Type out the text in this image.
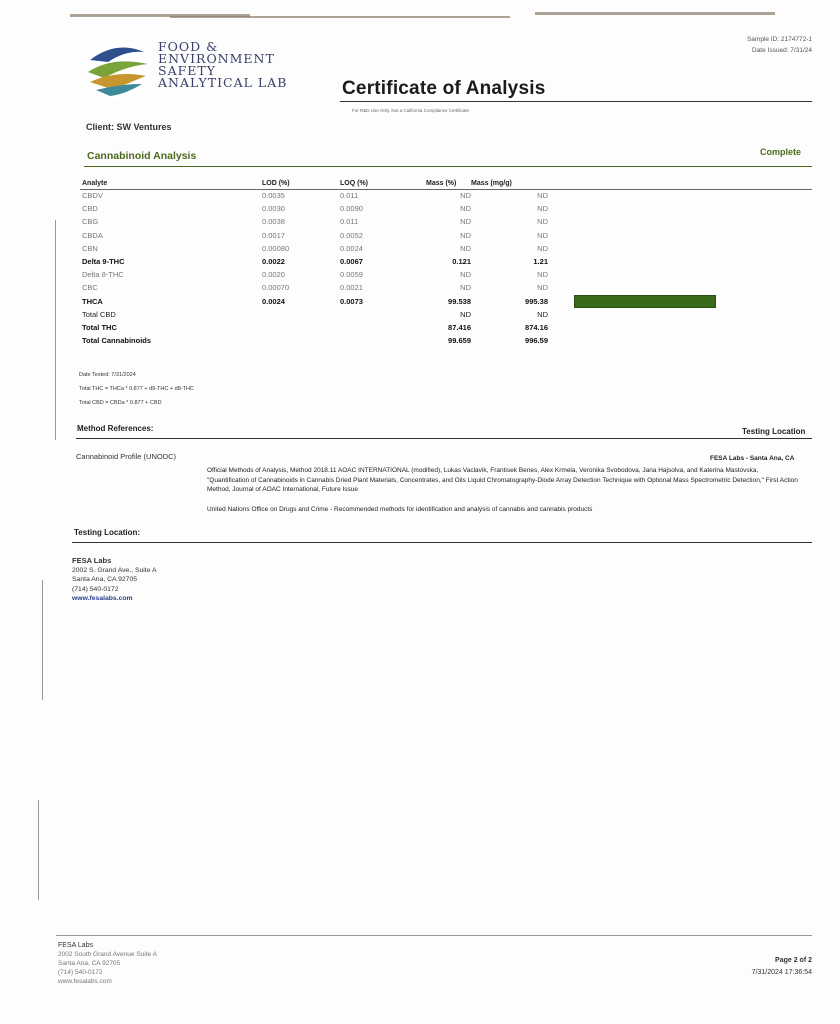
FOOD &
ENVIRONMENT
SAFETY
ANALYTICAL LAB
Sample ID: 2174772-1
Date Issued: 7/31/24
Certificate of Analysis
For R&D Use Only. Not a California Compliance Certificate
Client: SW Ventures
Cannabinoid Analysis	Complete
Analyte	LOD (%)	LOQ (%)	Mass (%)	Mass (mg/g)	
CBDV	0.0035	0.011	ND	ND	
CBD	0.0030	0.0090	ND	ND	
CBG	0.0038	0.011	ND	ND	
CBDA	0.0017	0.0052	ND	ND	
CBN	0.00080	0.0024	ND	ND	
Delta 9-THC	0.0022	0.0067	0.121	1.21	
Delta 8-THC	0.0020	0.0059	ND	ND	
CBC	0.00070	0.0021	ND	ND	
THCA	0.0024	0.0073	99.538	995.38	

Total CBD			ND	ND	
Total THC			87.416	874.16	
Total Cannabinoids			99.659	996.59	
Date Tested: 7/31/2024
Total THC = THCa * 0.877 + d9-THC + d8-THC
Total CBD = CBDa * 0.877 + CBD
Method References:	Testing Location
Cannabinoid Profile (UNODC)	FESA Labs - Santa Ana, CA
Official Methods of Analysis, Method 2018.11 AOAC INTERNATIONAL (modified), Lukas Vaclavik, Frantisek Benes, Alex Krmela, Veronika Svobodova, Jana Hajsolva, and Katerina Mastovska, "Quantification of Cannabinoids in Cannabis Dried Plant Materials, Concentrates, and Oils Liquid Chromatography-Diode Array Detection Technique with Optional Mass Spectrometric Detection," First Action Method, Journal of AOAC International, Future Issue
United Nations Office on Drugs and Crime - Recommended methods for identification and analysis of cannabis and cannabis products
Testing Location:
FESA Labs
2002 S. Grand Ave., Suite A
Santa Ana, CA 92705
(714) 540-0172
www.fesalabs.com
FESA Labs
2002 South Grand Avenue Suite A
Santa Ana, CA 92705
(714) 540-0172
www.fesalabs.com
Page 2 of 2
7/31/2024 17:36:54
